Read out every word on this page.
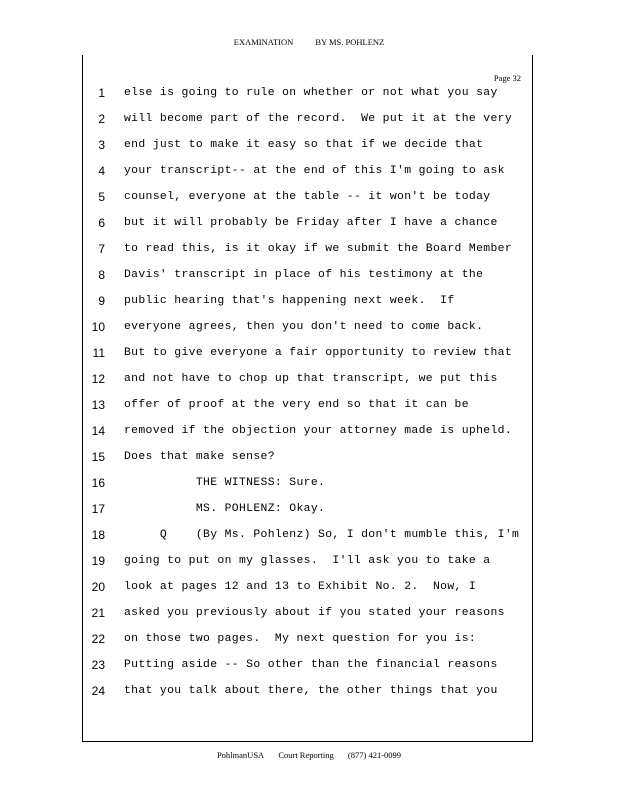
EXAMINATION	BY MS. POHLENZ
Page 32
1 else is going to rule on whether or not what you say
2 will become part of the record.  We put it at the very
3 end just to make it easy so that if we decide that
4 your transcript-- at the end of this I'm going to ask
5 counsel, everyone at the table -- it won't be today
6 but it will probably be Friday after I have a chance
7 to read this, is it okay if we submit the Board Member
8 Davis' transcript in place of his testimony at the
9 public hearing that's happening next week.  If
10 everyone agrees, then you don't need to come back.
11 But to give everyone a fair opportunity to review that
12 and not have to chop up that transcript, we put this
13 offer of proof at the very end so that it can be
14 removed if the objection your attorney made is upheld.
15 Does that make sense?
16 THE WITNESS: Sure.
17 MS. POHLENZ: Okay.
18 Q    (By Ms. Pohlenz) So, I don't mumble this, I'm
19 going to put on my glasses.  I'll ask you to take a
20 look at pages 12 and 13 to Exhibit No. 2.  Now, I
21 asked you previously about if you stated your reasons
22 on those two pages.  My next question for you is:
23 Putting aside -- So other than the financial reasons
24 that you talk about there, the other things that you
PohlmanUSA Court Reporting (877) 421-0099
